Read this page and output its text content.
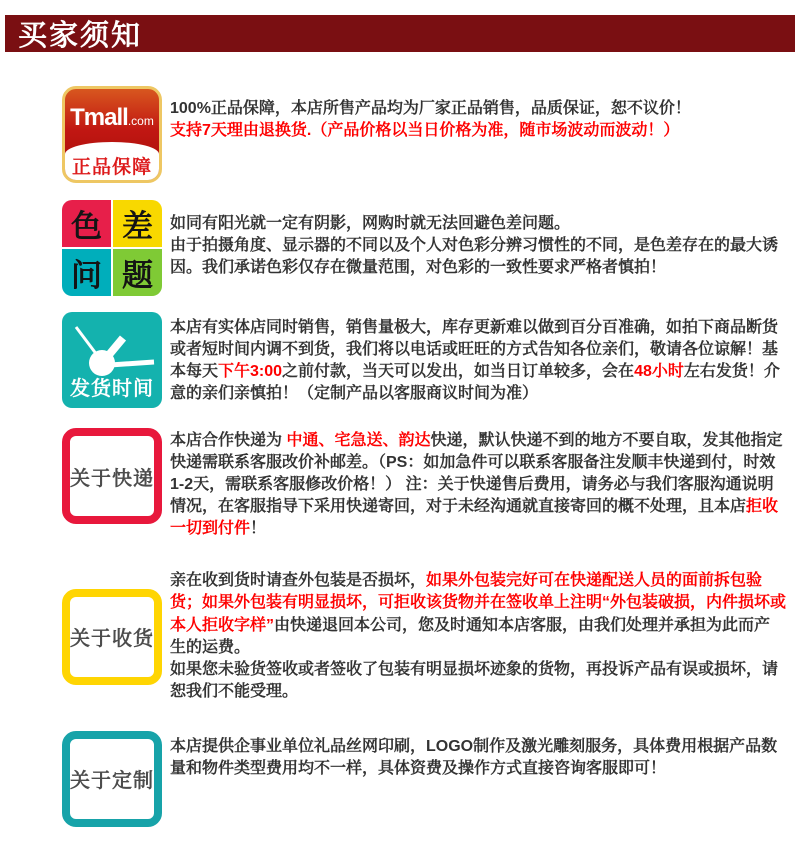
买家须知
Tmall.com
正品保障

100%正品保障，本店所售产品均为厂家正品销售，品质保证，恕不议价！

支持7天理由退换货.（产品价格以当日价格为准，随市场波动而波动！）

色 差
问 题

如同有阳光就一定有阴影，网购时就无法回避色差问题。

由于拍摄角度、显示器的不同以及个人对色彩分辨习惯性的不同，是色差存在的最大诱因。我们承诺色彩仅存在微量范围，对色彩的一致性要求严格者慎拍！

发货时间

本店有实体店同时销售，销售量极大，库存更新难以做到百分百准确，如拍下商品断货或者短时间内调不到货，我们将以电话或旺旺的方式告知各位亲们，敬请各位谅解！基本每天下午3:00之前付款，当天可以发出，如当日订单较多，会在48小时左右发货！介意的亲们亲慎拍！（定制产品以客服商议时间为准）

关于快递

本店合作快递为 中通、宅急送、韵达快递，默认快递不到的地方不要自取，发其他指定快递需联系客服改价补邮差。（PS：如加急件可以联系客服备注发顺丰快递到付，时效1-2天，需联系客服修改价格！） 注：关于快递售后费用，请务必与我们客服沟通说明情况，在客服指导下采用快递寄回，对于未经沟通就直接寄回的概不处理，且本店拒收一切到付件！

关于收货

亲在收到货时请查外包装是否损坏，如果外包装完好可在快递配送人员的面前拆包验货；如果外包装有明显损坏，可拒收该货物并在签收单上注明“外包装破损，内件损坏或本人拒收字样”由快递退回本公司，您及时通知本店客服，由我们处理并承担为此而产生的运费。

如果您未验货签收或者签收了包装有明显损坏迹象的货物，再投诉产品有误或损坏，请恕我们不能受理。

关于定制

本店提供企事业单位礼品丝网印刷，LOGO制作及激光雕刻服务，具体费用根据产品数量和物件类型费用均不一样，具体资费及操作方式直接咨询客服即可！
